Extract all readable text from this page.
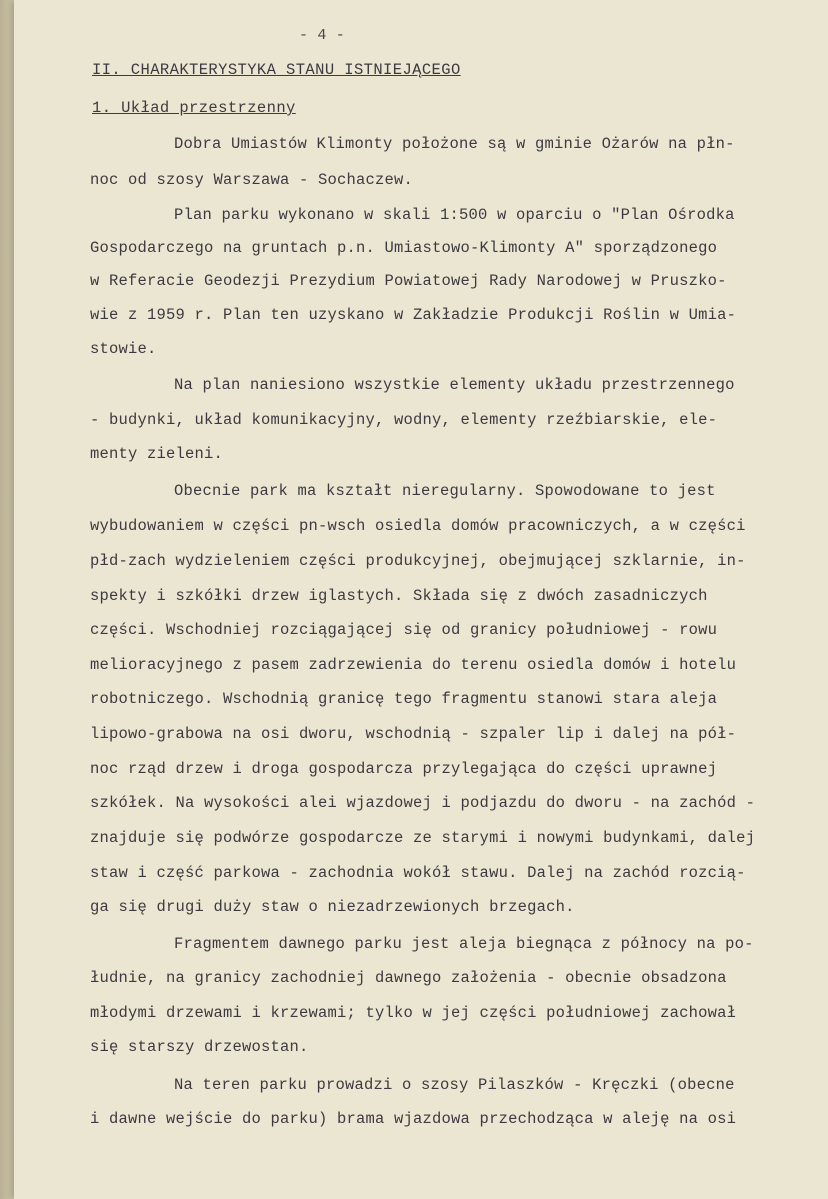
- 4 -
II. CHARAKTERYSTYKA STANU ISTNIEJĄCEGO
1. Układ przestrzenny
Dobra Umiastów Klimonty położone są w gminie Ożarów na płn-
noc od szosy Warszawa - Sochaczew.
Plan parku wykonano w skali 1:500 w oparciu o "Plan Ośrodka
Gospodarczego na gruntach p.n. Umiastowo-Klimonty A" sporządzonego
w Referacie Geodezji Prezydium Powiatowej Rady Narodowej w Pruszko-
wie z 1959 r. Plan ten uzyskano w Zakładzie Produkcji Roślin w Umia-
stowie.
Na plan naniesiono wszystkie elementy układu przestrzennego
- budynki, układ komunikacyjny, wodny, elementy rzeźbiarskie, ele-
menty zieleni.
Obecnie park ma kształt nieregularny. Spowodowane to jest
wybudowaniem w części pn-wsch osiedla domów pracowniczych, a w części
płd-zach wydzieleniem części produkcyjnej, obejmującej szklarnie, in-
spekty i szkółki drzew iglastych. Składa się z dwóch zasadniczych
części. Wschodniej rozciągającej się od granicy południowej - rowu
melioracyjnego z pasem zadrzewienia do terenu osiedla domów i hotelu
robotniczego. Wschodnią granicę tego fragmentu stanowi stara aleja
lipowo-grabowa na osi dworu, wschodnią - szpaler lip i dalej na pół-
noc rząd drzew i droga gospodarcza przylegająca do części uprawnej
szkółek. Na wysokości alei wjazdowej i podjazdu do dworu - na zachód -
znajduje się podwórze gospodarcze ze starymi i nowymi budynkami, dalej
staw i część parkowa - zachodnia wokół stawu. Dalej na zachód rozcią-
ga się drugi duży staw o niezadrzewionych brzegach.
Fragmentem dawnego parku jest aleja biegnąca z północy na po-
łudnie, na granicy zachodniej dawnego założenia - obecnie obsadzona
młodymi drzewami i krzewami; tylko w jej części południowej zachował
się starszy drzewostan.
Na teren parku prowadzi o szosy Pilaszków - Kręczki (obecne
i dawne wejście do parku) brama wjazdowa przechodząca w aleję na osi
